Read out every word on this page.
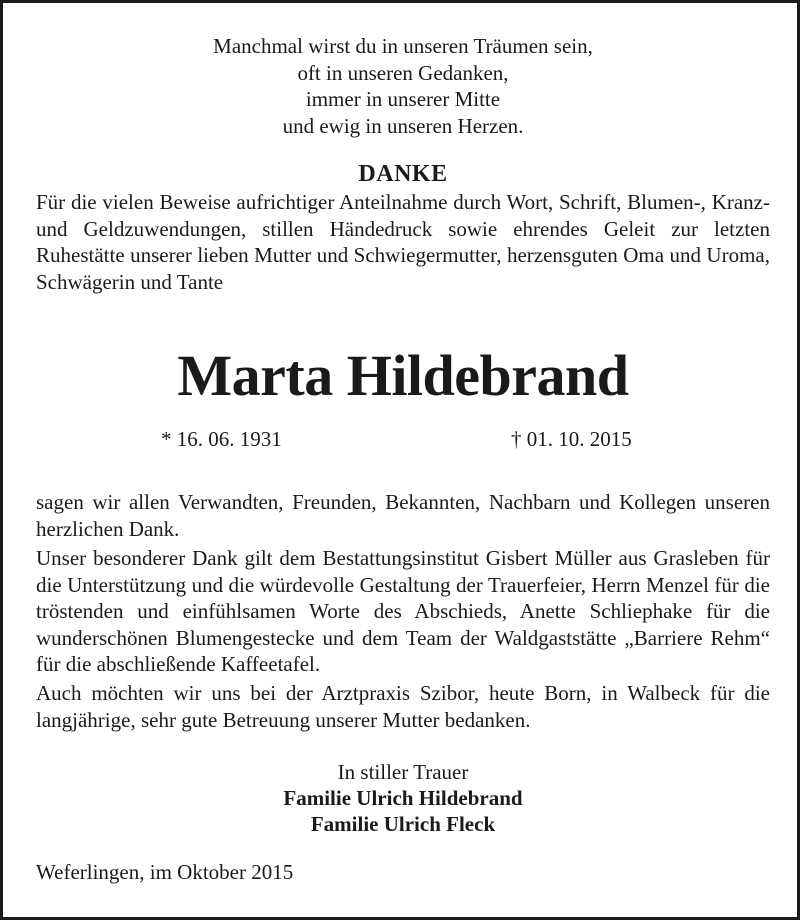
Manchmal wirst du in unseren Träumen sein,
oft in unseren Gedanken,
immer in unserer Mitte
und ewig in unseren Herzen.
DANKE
Für die vielen Beweise aufrichtiger Anteilnahme durch Wort, Schrift, Blumen-, Kranz- und Geldzuwendungen, stillen Händedruck sowie ehrendes Geleit zur letzten Ruhestätte unserer lieben Mutter und Schwiegermutter, herzensguten Oma und Uroma, Schwägerin und Tante
Marta Hildebrand
* 16. 06. 1931	† 01. 10. 2015
sagen wir allen Verwandten, Freunden, Bekannten, Nachbarn und Kollegen unseren herzlichen Dank.
Unser besonderer Dank gilt dem Bestattungsinstitut Gisbert Müller aus Grasleben für die Unterstützung und die würdevolle Gestaltung der Trauerfeier, Herrn Menzel für die tröstenden und einfühlsamen Worte des Abschieds, Anette Schliephake für die wunderschönen Blumengestecke und dem Team der Waldgaststätte „Barriere Rehm“ für die abschließende Kaffeetafel.
Auch möchten wir uns bei der Arztpraxis Szibor, heute Born, in Walbeck für die langjährige, sehr gute Betreuung unserer Mutter bedanken.
In stiller Trauer
Familie Ulrich Hildebrand
Familie Ulrich Fleck
Weferlingen, im Oktober 2015
